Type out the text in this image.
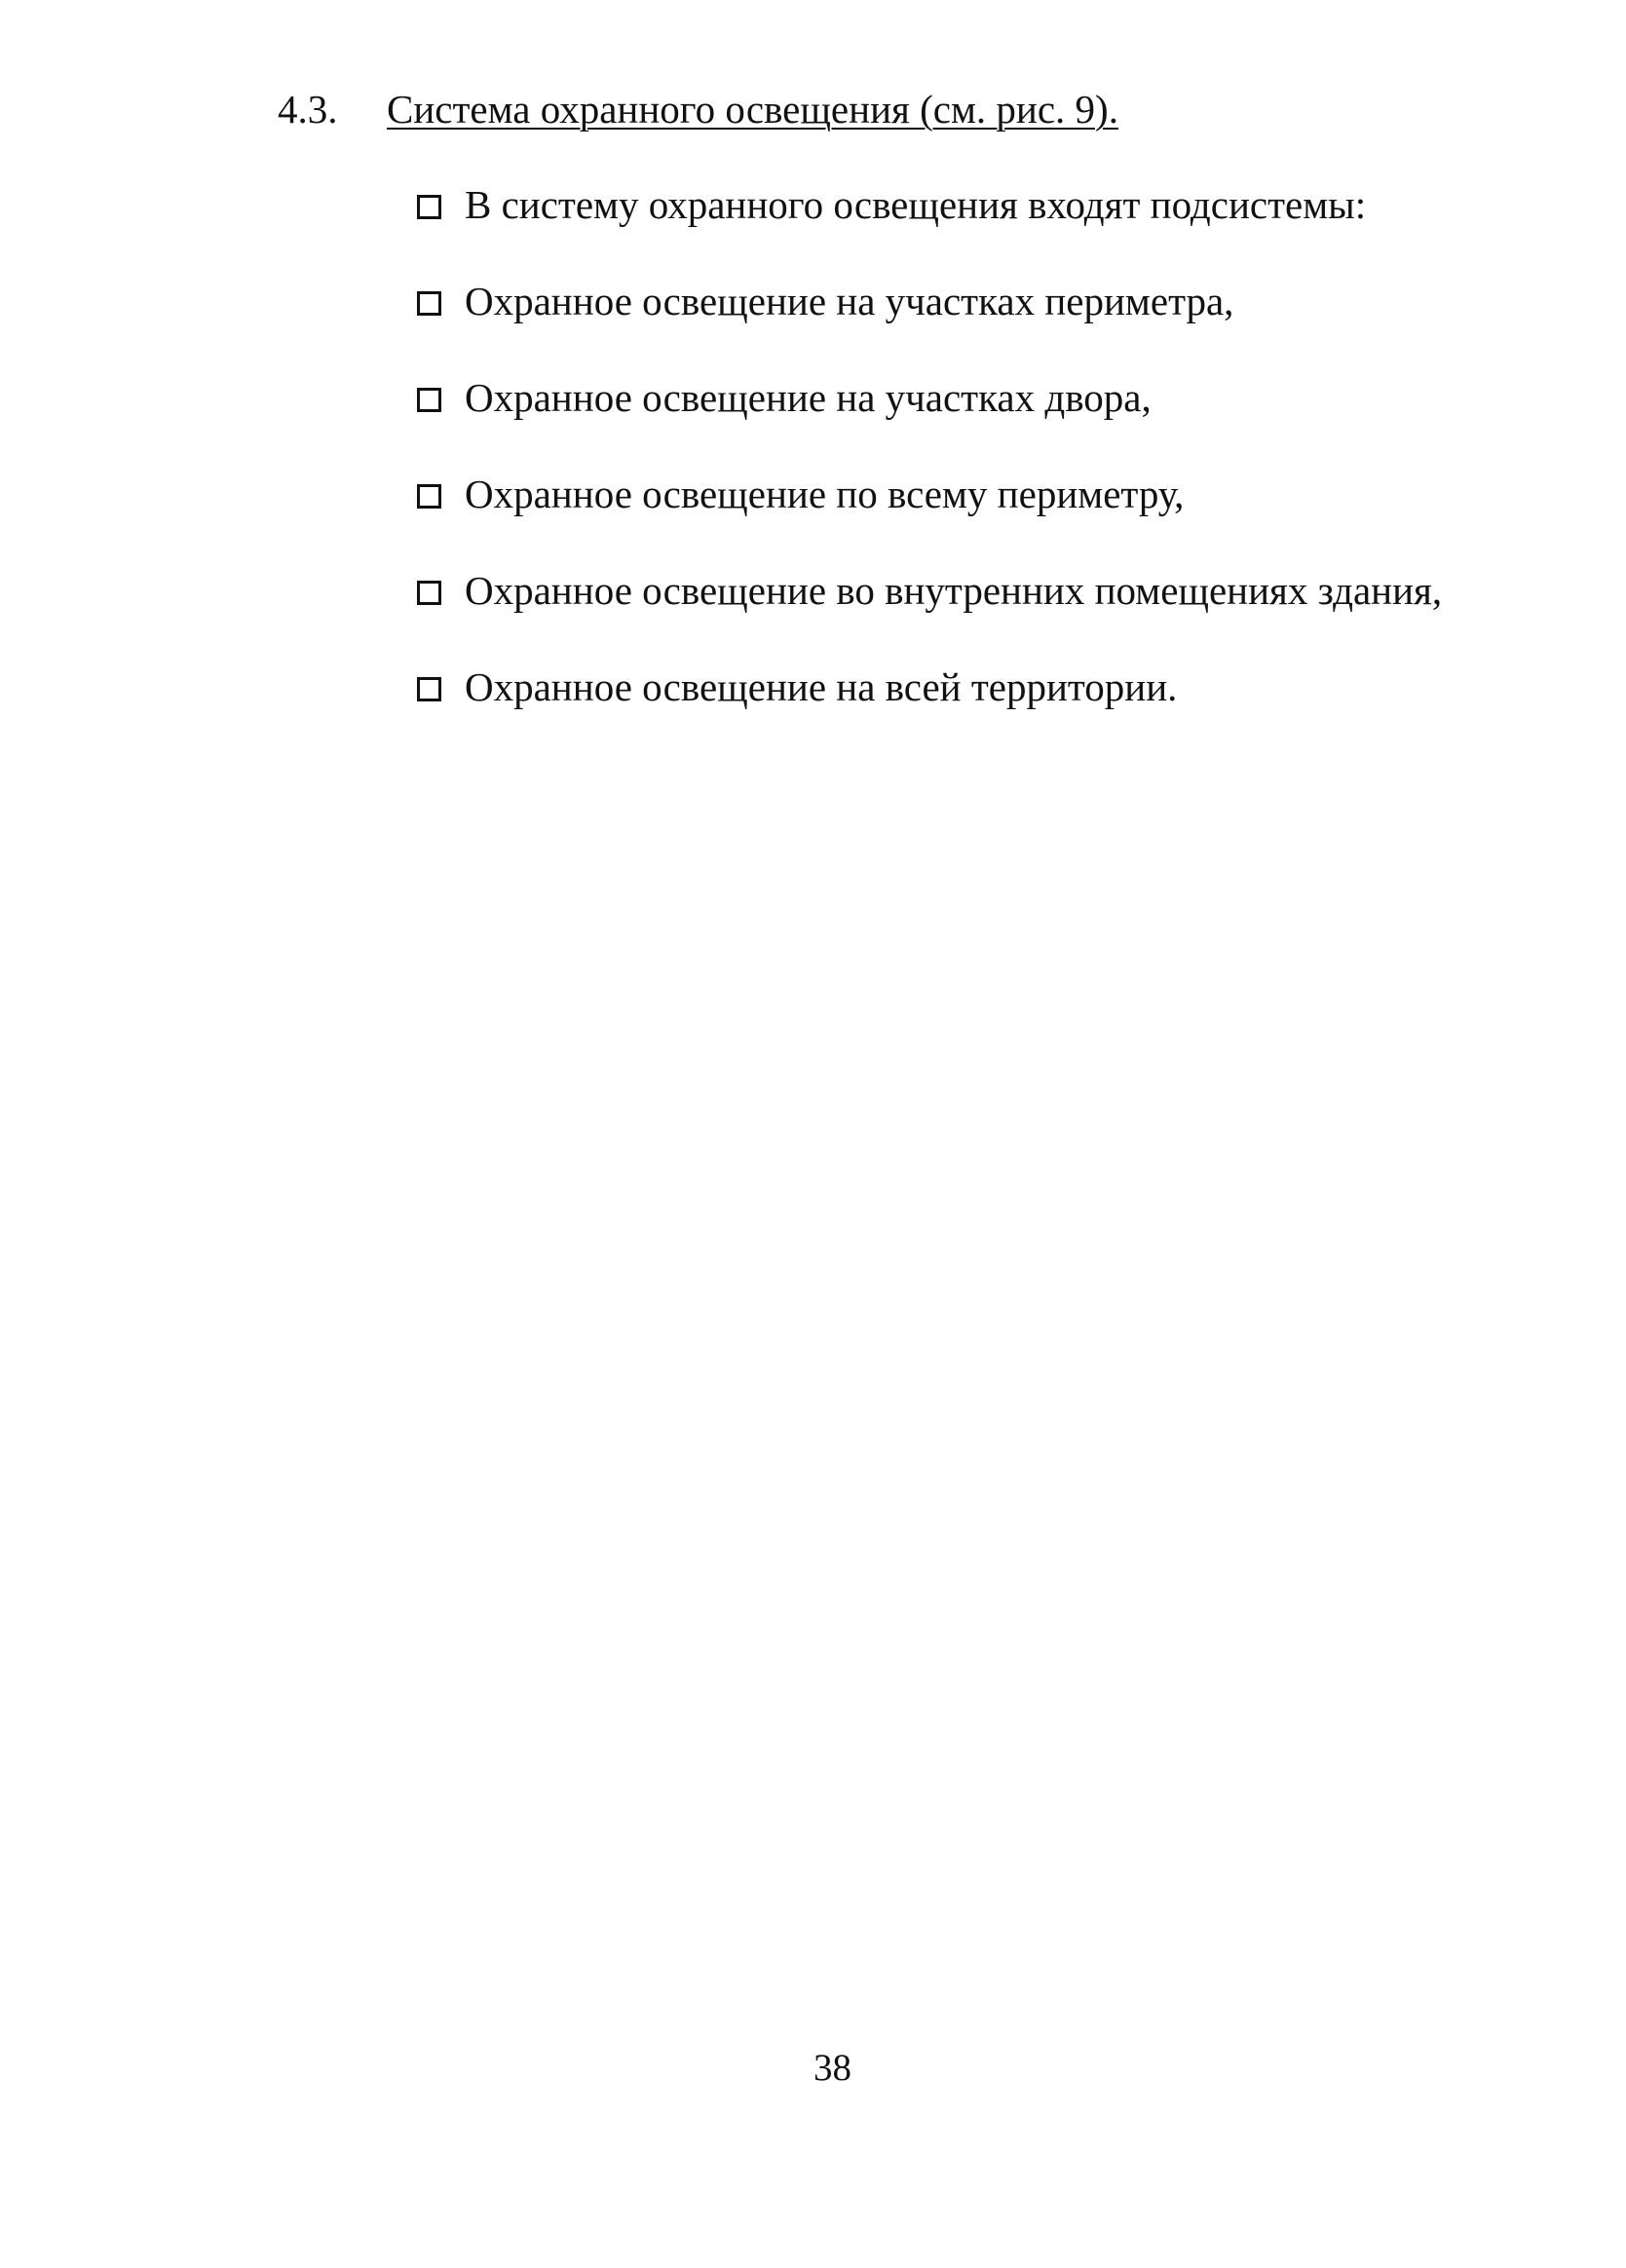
4.3. Система охранного освещения (см. рис. 9).
В систему охранного освещения входят подсистемы:
Охранное освещение на участках периметра,
Охранное освещение на участках двора,
Охранное освещение по всему периметру,
Охранное освещение во внутренних помещениях здания,
Охранное освещение на всей территории.
38
